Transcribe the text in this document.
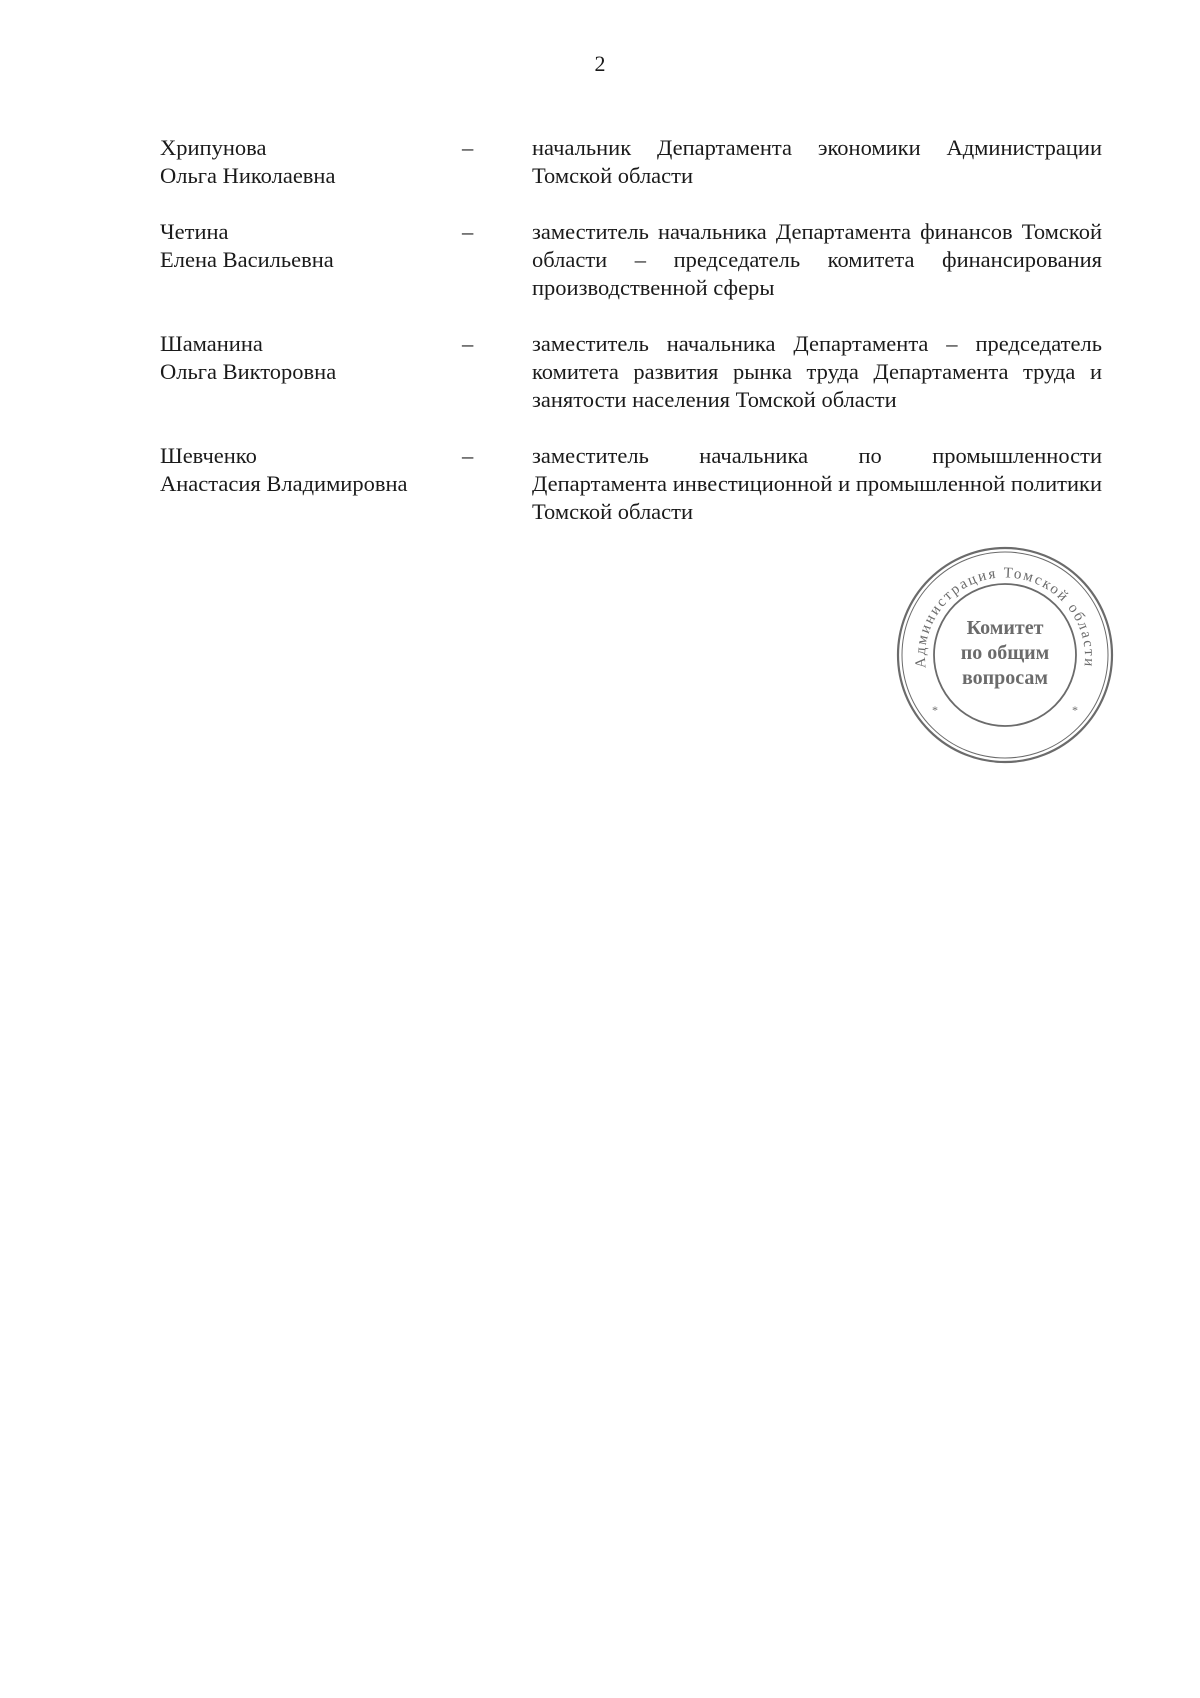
2
Хрипунова
Ольга Николаевна
–	начальник Департамента экономики Администрации Томской области
Четина
Елена Васильевна
–	заместитель начальника Департамента финансов Томской области – председатель комитета финансирования производственной сферы
Шаманина
Ольга Викторовна
–	заместитель начальника Департамента – председатель комитета развития рынка труда Департамента труда и занятости населения Томской области
Шевченко
Анастасия Владимировна
–	заместитель начальника по промышленности Департамента инвестиционной и промышленной политики Томской области
Администрация Томской области
*	*
Комитет
по общим
вопросам
